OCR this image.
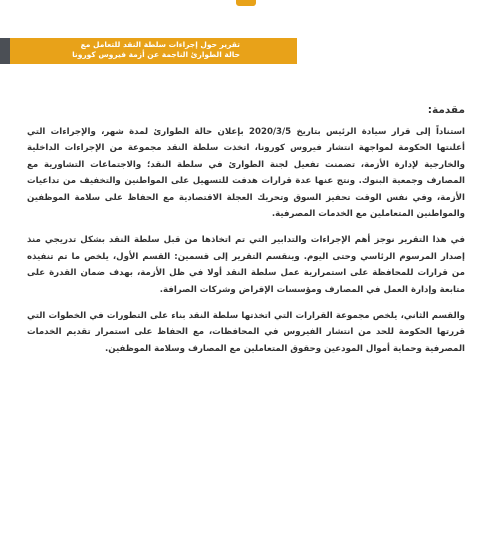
تقرير حول إجراءات سلطة النقد للتعامل مع
حالة الطوارئ الناجمة عن أزمة فيروس كورونا
مقدمة:

استناداً إلى قرار سيادة الرئيس بتاريخ 2020/3/5 بإعلان حالة الطوارئ لمدة شهر، والإجراءات التي أعلنتها الحكومة لمواجهة انتشار فيروس كورونا، اتخذت سلطة النقد مجموعة من الإجراءات الداخلية والخارجية لإدارة الأزمة، تضمنت تفعيل لجنة الطوارئ في سلطة النقد؛ والاجتماعات التشاورية مع المصارف وجمعية البنوك. ونتج عنها عدة قرارات هدفت للتسهيل على المواطنين والتخفيف من تداعيات الأزمة، وفي نفس الوقت تحفيز السوق وتحريك العجلة الاقتصادية مع الحفاظ على سلامة الموظفين والمواطنين المتعاملين مع الخدمات المصرفية.

في هذا التقرير نوجز أهم الإجراءات والتدابير التي تم اتخاذها من قبل سلطة النقد بشكل تدريجي منذ إصدار المرسوم الرئاسي وحتى اليوم. وينقسم التقرير إلى قسمين: القسم الأول، يلخص ما تم تنفيذه من قرارات للمحافظة على استمرارية عمل سلطة النقد أولا في ظل الأزمة، بهدف ضمان القدرة على متابعة وإدارة العمل في المصارف ومؤسسات الإقراض وشركات الصرافة.

والقسم الثاني، يلخص مجموعة القرارات التي اتخذتها سلطة النقد بناء على التطورات في الخطوات التي قررتها الحكومة للحد من انتشار الفيروس في المحافظات، مع الحفاظ على استمرار تقديم الخدمات المصرفية وحماية أموال المودعين وحقوق المتعاملين مع المصارف وسلامة الموظفين.
